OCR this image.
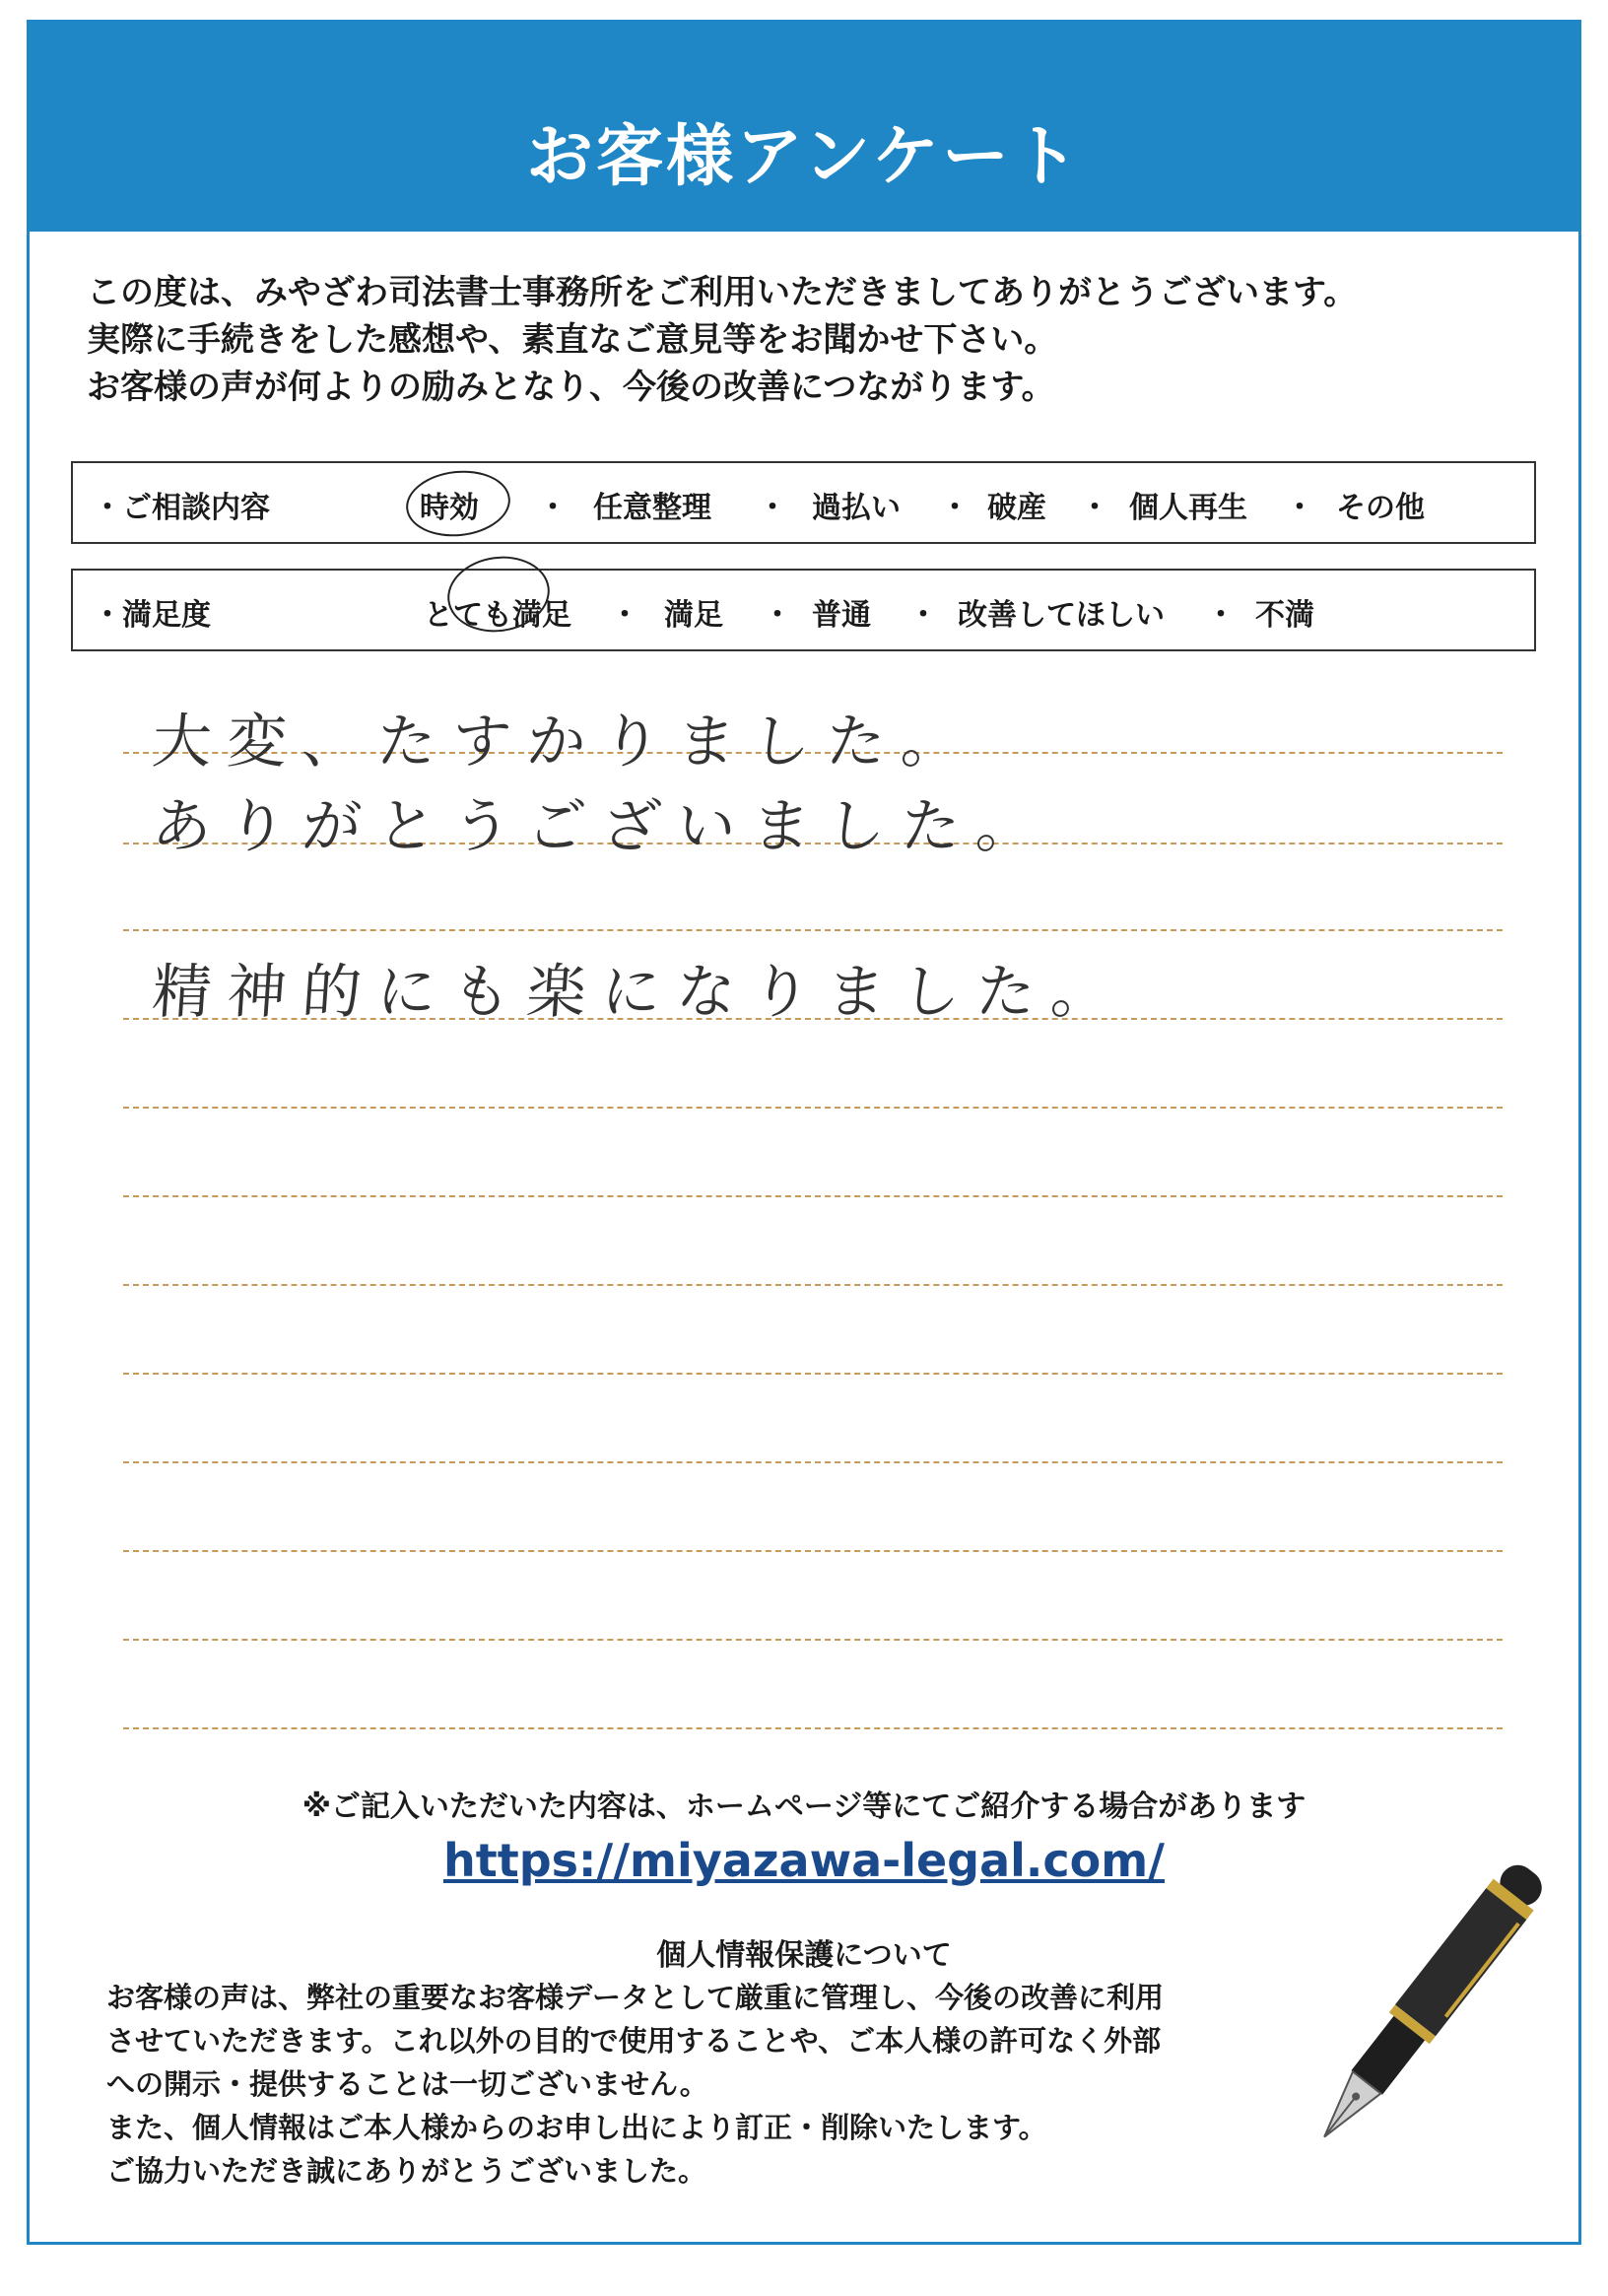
お客様アンケート

この度は、みやざわ司法書士事務所をご利用いただきましてありがとうございます。

実際に手続きをした感想や、素直なご意見等をお聞かせ下さい。

お客様の声が何よりの励みとなり、今後の改善につながります。

・ご相談内容	時効 ・ 任意整理 ・ 過払い ・ 破産 ・ 個人再生 ・ その他
・満足度	とても満足 ・ 満足 ・ 普通 ・ 改善してほしい ・ 不満
大変、たすかりました。
ありがとうございました。
精神的にも楽になりました。
※ご記入いただいた内容は、ホームページ等にてご紹介する場合があります
https://miyazawa-legal.com/
個人情報保護について

お客様の声は、弊社の重要なお客様データとして厳重に管理し、今後の改善に利用

させていただきます。これ以外の目的で使用することや、ご本人様の許可なく外部

への開示・提供することは一切ございません。

また、個人情報はご本人様からのお申し出により訂正・削除いたします。

ご協力いただき誠にありがとうございました。
